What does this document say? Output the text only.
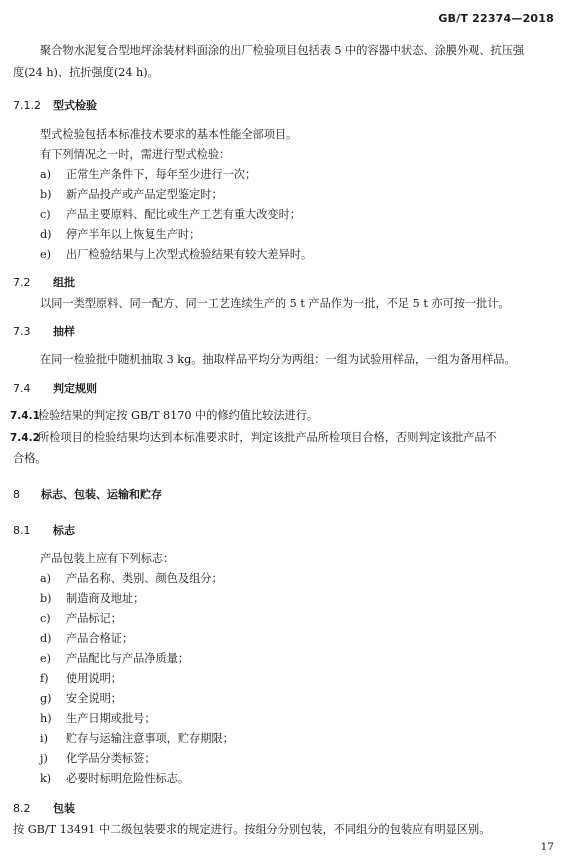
GB/T 22374—2018
聚合物水泥复合型地坪涂装材料面涂的出厂检验项目包括表 5 中的容器中状态、涂膜外观、抗压强
度(24 h)、抗折强度(24 h)。
7.1.2 型式检验
型式检验包括本标准技术要求的基本性能全部项目。
有下列情况之一时，需进行型式检验：
a) 正常生产条件下，每年至少进行一次；
b) 新产品投产或产品定型鉴定时；
c) 产品主要原料、配比或生产工艺有重大改变时；
d) 停产半年以上恢复生产时；
e) 出厂检验结果与上次型式检验结果有较大差异时。
7.2 组批
以同一类型原料、同一配方、同一工艺连续生产的 5 t 产品作为一批，不足 5 t 亦可按一批计。
7.3 抽样
在同一检验批中随机抽取 3 kg。抽取样品平均分为两组：一组为试验用样品，一组为备用样品。
7.4 判定规则
7.4.1检验结果的判定按 GB/T 8170 中的修约值比较法进行。
7.4.2所检项目的检验结果均达到本标准要求时，判定该批产品所检项目合格，否则判定该批产品不
合格。
8 标志、包装、运输和贮存
8.1 标志
产品包装上应有下列标志：
a) 产品名称、类别、颜色及组分；
b) 制造商及地址；
c) 产品标记；
d) 产品合格证；
e) 产品配比与产品净质量；
f) 使用说明；
g) 安全说明；
h) 生产日期或批号；
i) 贮存与运输注意事项，贮存期限；
j) 化学品分类标签；
k) 必要时标明危险性标志。
8.2 包装
按 GB/T 13491 中二级包装要求的规定进行。按组分分别包装，不同组分的包装应有明显区别。
17
